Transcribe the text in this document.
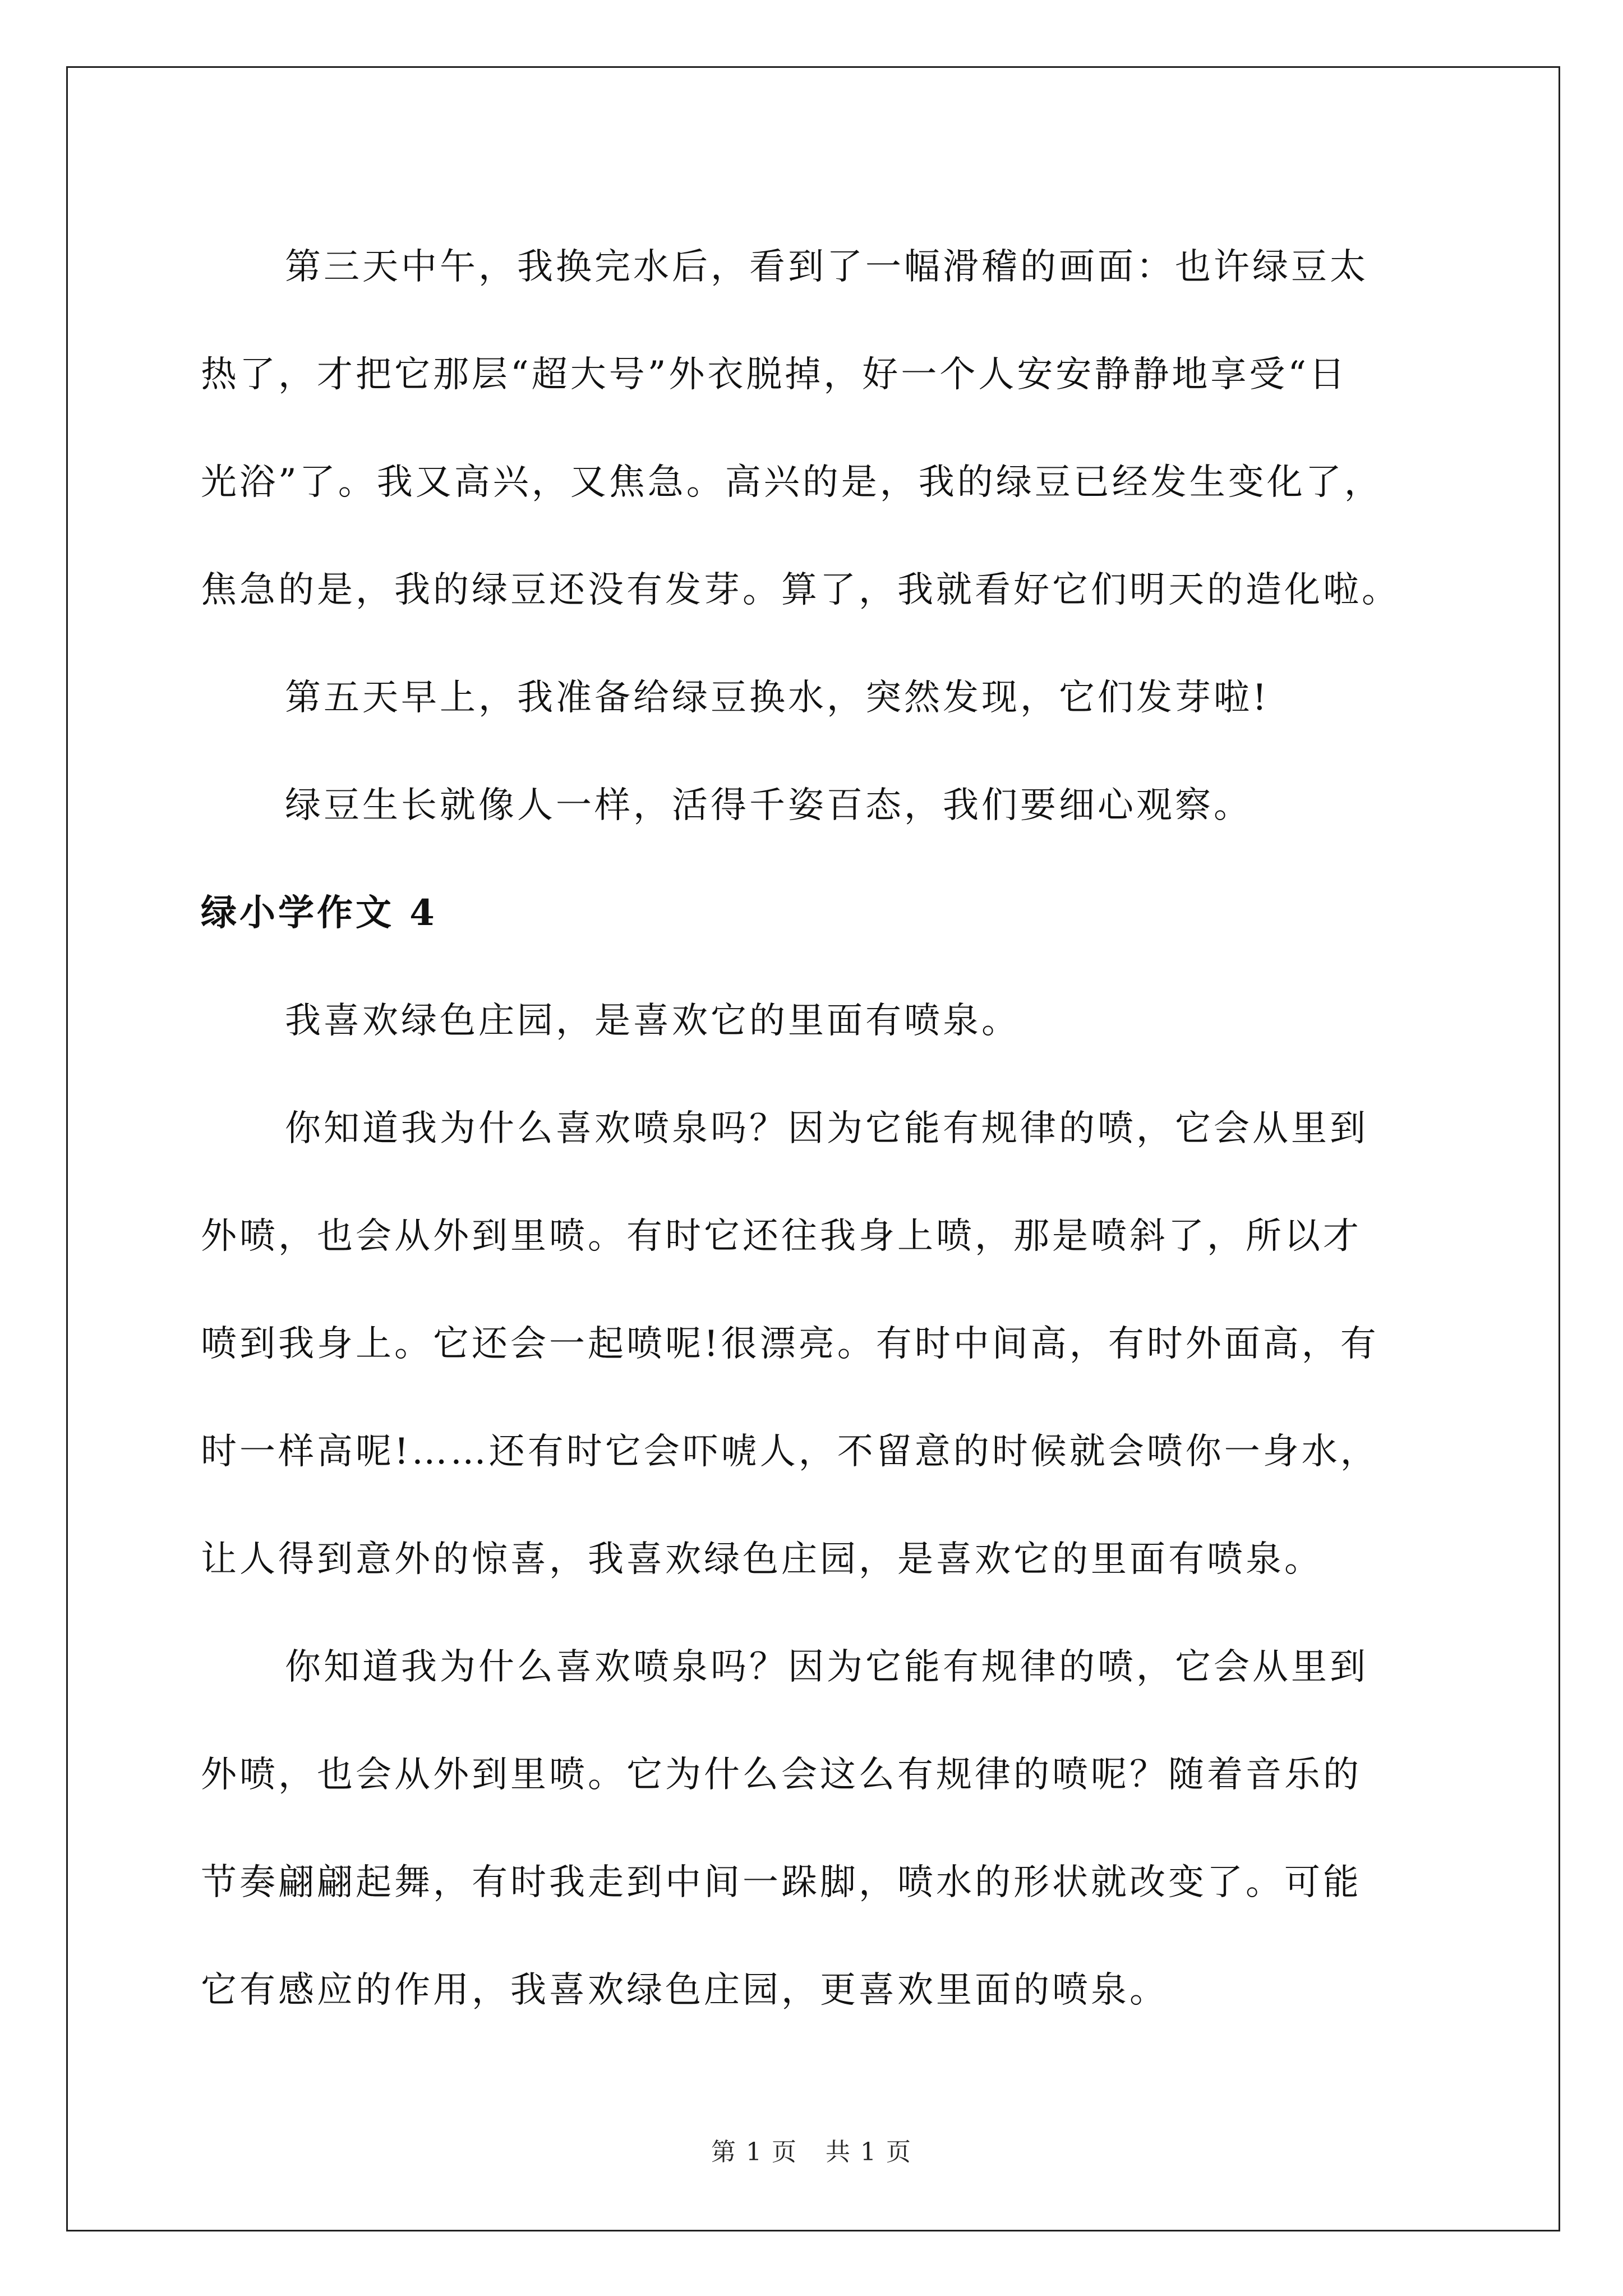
第三天中午，我换完水后，看到了一幅滑稽的画面：也许绿豆太
热了，才把它那层“超大号”外衣脱掉，好一个人安安静静地享受“日
光浴”了。我又高兴，又焦急。高兴的是，我的绿豆已经发生变化了，
焦急的是，我的绿豆还没有发芽。算了，我就看好它们明天的造化啦。

第五天早上，我准备给绿豆换水，突然发现，它们发芽啦!

绿豆生长就像人一样，活得千姿百态，我们要细心观察。

绿小学作文 4

我喜欢绿色庄园，是喜欢它的里面有喷泉。

你知道我为什么喜欢喷泉吗？因为它能有规律的喷，它会从里到
外喷，也会从外到里喷。有时它还往我身上喷，那是喷斜了，所以才
喷到我身上。它还会一起喷呢!很漂亮。有时中间高，有时外面高，有
时一样高呢!……还有时它会吓唬人，不留意的时候就会喷你一身水，
让人得到意外的惊喜，我喜欢绿色庄园，是喜欢它的里面有喷泉。

你知道我为什么喜欢喷泉吗？因为它能有规律的喷，它会从里到
外喷，也会从外到里喷。它为什么会这么有规律的喷呢？随着音乐的
节奏翩翩起舞，有时我走到中间一跺脚，喷水的形状就改变了。可能
它有感应的作用，我喜欢绿色庄园，更喜欢里面的喷泉。

第 1 页 共 1 页
